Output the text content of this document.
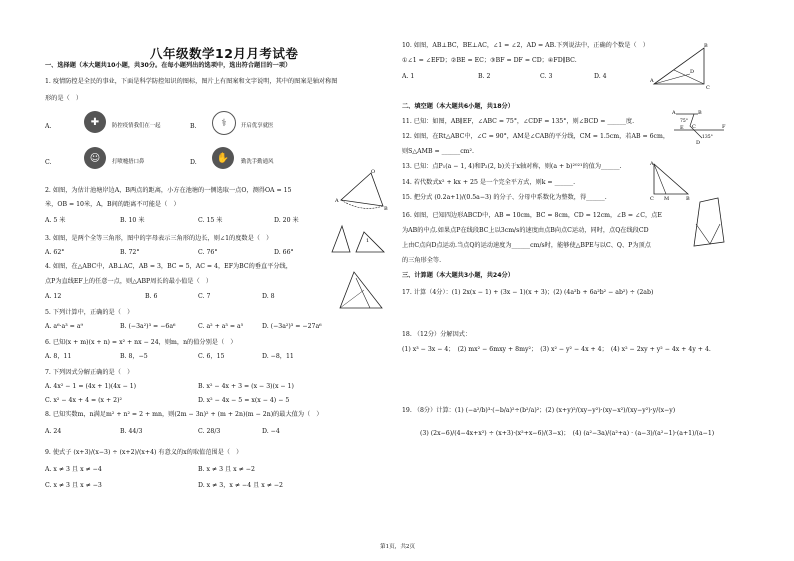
八年级数学12月月考试卷
一、选择题（本大题共10小题，共30分。在每小题列出的选项中，选出符合题目的一项）
1. 疫情防控是全民的事业，下面是科学防控知识的图标，图片上有图案和文字说明，其中的图案是轴对称图
形的是（　）
A.	✚	防控疫情我们在一起	B.	⚕	开启优享就医
C.	☺	打喷嚏捂口鼻	D.	✋	勤洗手勤通风
2. 如图，为估计池塘岸边A，B两点的距离，小方在池塘的一侧选取一点O，测得OA = 15
米，OB = 10米，A，B间的距离不可能是（　）
A. 5 米	B. 10 米	C. 15 米	D. 20 米
O
A
B
3. 如图，是两个全等三角形，图中的字母表示三角形的边长，则∠1的度数是（　）
A. 62°	B. 72°	C. 76°	D. 66°
1
4. 如图，在△ABC中，AB⊥AC，AB = 3，BC = 5，AC = 4，EF为BC的垂直平分线，
点P为直线EF上的任意一点，则△ABP周长的最小值是（　）
A. 12	B. 6	C. 7	D. 8
5. 下列计算中，正确的是（　）
A. a⁶·a³ = a⁹	B. (−3a²)³ = −6a⁶	C. a² + a³ = a⁵	D. (−3a²)³ = −27a⁶
6. 已知(x + m)(x + n) = x² + nx − 24，则m，n的值分别是（　）
A. 8，11	B. 8，−5	C. 6，15	D. −8，11
7. 下列因式分解正确的是（　）
A. 4x² − 1 = (4x + 1)(4x − 1)	B. x² − 4x + 3 = (x − 3)(x − 1)
C. x² − 4x + 4 = (x + 2)²	D. x² − 4x − 5 = x(x − 4) − 5
8. 已知实数m，n满足m² + n² = 2 + mn，则(2m − 3n)² + (m + 2n)(m − 2n)的最大值为（　）
A. 24	B. 44/3	C. 28/3	D. −4
9. 使式子 (x+3)/(x−3) ÷ (x+2)/(x+4) 有意义的x的取值范围是（　）
A. x ≠ 3 且 x ≠ −4	B. x ≠ 3 且 x ≠ −2
C. x ≠ 3 且 x ≠ −3	D. x ≠ 3，x ≠ −4 且 x ≠ −2
10. 如图，AB⊥BC，BE⊥AC，∠1 = ∠2，AD = AB.下列说法中，正确的个数是（　）
①∠1 = ∠EFD；②BE = EC；③BF = DF = CD；④FD∥BC.
A. 1	B. 2	C. 3	D. 4
A
B
C
D
二、填空题（本大题共6小题，共18分）
11. 已知：如图，AB∥EF，∠ABC = 75°，∠CDF = 135°，则∠BCD = ______度.
A	B
75°
E C	F
135°
D
12. 如图，在Rt△ABC中，∠C = 90°，AM是∠CAB的平分线，CM = 1.5cm，若AB = 6cm，
则S△AMB = ______cm².
13. 已知：点P₁(a − 1, 4)和P₂(2, b)关于x轴对称，则(a + b)²⁰²¹的值为______.
14. 若代数式x² + kx + 25 是一个完全平方式，则k = ______.
15. 把分式 (0.2a+1)/(0.5a−3) 的分子、分母中系数化为整数，得______.
A
C M	B
16. 如图，已知四边形ABCD中，AB = 10cm，BC = 8cm，CD = 12cm，∠B = ∠C，点E
为AB的中点.如果点P在线段BC上以3cm/s的速度由点B向点C运动，同时，点Q在线段CD
上由C点向D点运动.当点Q的运动速度为______cm/s时，能够使△BPE与以C、Q、P为顶点
的三角形全等.
三、计算题（本大题共3小题，共24分）
17. 计算（4分）：(1) 2x(x − 1) + (3x − 1)(x + 3)；(2) (4a²b + 6a²b² − ab²) ÷ (2ab)
18. （12分）分解因式：
(1) x³ − 3x − 4；　(2) mx² − 6mxy + 8my²；　(3) x² − y² − 4x + 4；　(4) x² − 2xy + y² − 4x + 4y + 4.
19. （8分）计算：(1) (−a²/b)³·(−b/a)²÷(b²/a)²；(2) (x+y)²/(xy−y²)·(xy−x²)/(xy−y²)·y/(x−y)
(3) (2x−6)/(4−4x+x²) ÷ (x+3)·(x²+x−6)/(3−x)；　(4) (a²−3a)/(a²+a) · (a−3)/(a²−1)·(a+1)/(a−1)
第1页，共2页
